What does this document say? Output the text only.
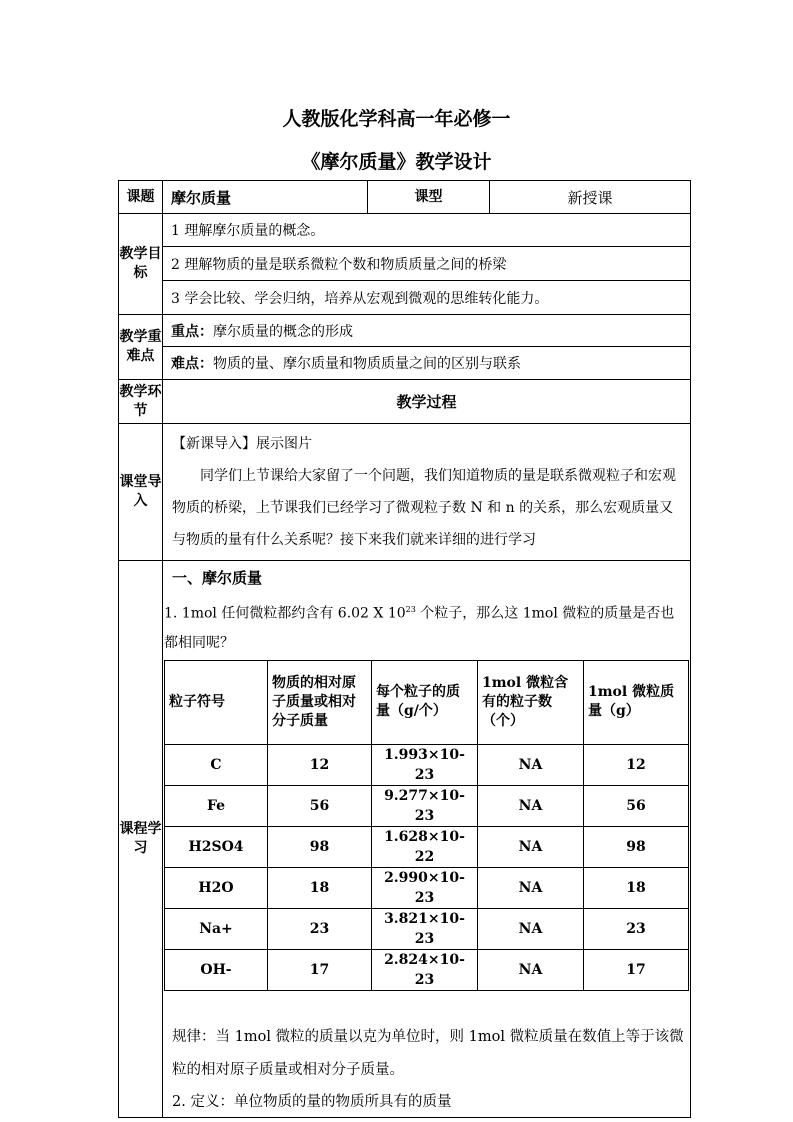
人教版化学科高一年必修一
《摩尔质量》教学设计
课题	摩尔质量	课型	新授课
教学目标	1 理解摩尔质量的概念。
2 理解物质的量是联系微粒个数和物质质量之间的桥梁
3 学会比较、学会归纳，培养从宏观到微观的思维转化能力。
教学重难点	重点：摩尔质量的概念的形成
难点：物质的量、摩尔质量和物质质量之间的区别与联系
教学环节	教学过程
课堂导入	

【新课导入】展示图片

同学们上节课给大家留了一个问题，我们知道物质的量是联系微观粒子和宏观物质的桥梁，上节课我们已经学习了微观粒子数 N 和 n 的关系，那么宏观质量又与物质的量有什么关系呢？接下来我们就来详细的进行学习

课程学习	
一、摩尔质量
1. 1mol 任何微粒都约含有 6.02 X $10^{23}$ 个粒子，那么这 1mol 微粒的质量是否也都相同呢？
粒子符号	物质的相对原子质量或相对分子质量	每个粒子的质量（g/个）	1mol 微粒含有的粒子数（个）	1mol 微粒质量（g）
C	12	1.993×10-23	NA	12
Fe	56	9.277×10-23	NA	56
H2SO4	98	1.628×10-22	NA	98
H2O	18	2.990×10-23	NA	18
Na+	23	3.821×10-23	NA	23
OH-	17	2.824×10-23	NA	17
规律：当 1mol 微粒的质量以克为单位时，则 1mol 微粒质量在数值上等于该微粒的相对原子质量或相对分子质量。
2. 定义：单位物质的量的物质所具有的质量
